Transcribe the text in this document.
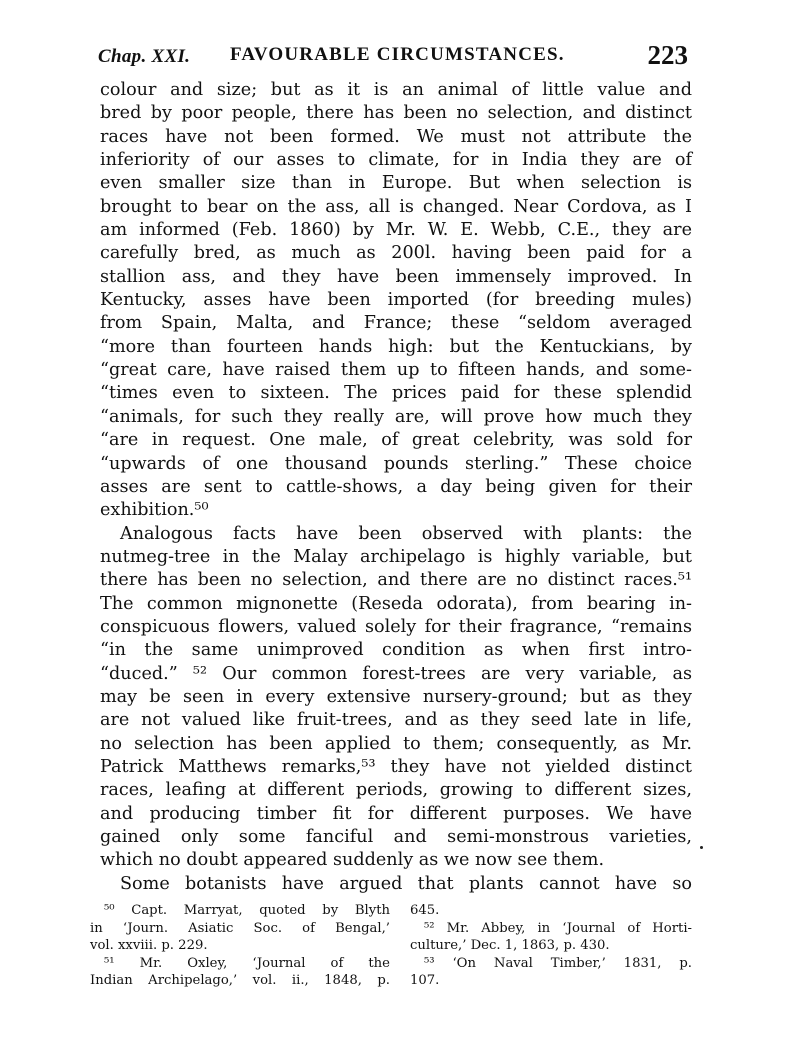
Chap. XXI. FAVOURABLE CIRCUMSTANCES.	223
colour and size; but as it is an animal of little value and
bred by poor people, there has been no selection, and distinct
races have not been formed. We must not attribute the
inferiority of our asses to climate, for in India they are of
even smaller size than in Europe. But when selection is
brought to bear on the ass, all is changed. Near Cordova, as I
am informed (Feb. 1860) by Mr. W. E. Webb, C.E., they are
carefully bred, as much as 200l. having been paid for a
stallion ass, and they have been immensely improved. In
Kentucky, asses have been imported (for breeding mules)
from Spain, Malta, and France; these “seldom averaged
“more than fourteen hands high: but the Kentuckians, by
“great care, have raised them up to fifteen hands, and some-
“times even to sixteen. The prices paid for these splendid
“animals, for such they really are, will prove how much they
“are in request. One male, of great celebrity, was sold for
“upwards of one thousand pounds sterling.” These choice
asses are sent to cattle-shows, a day being given for their
exhibition.⁵⁰
Analogous facts have been observed with plants: the
nutmeg-tree in the Malay archipelago is highly variable, but
there has been no selection, and there are no distinct races.⁵¹
The common mignonette (Reseda odorata), from bearing in-
conspicuous flowers, valued solely for their fragrance, “remains
“in the same unimproved condition as when first intro-
“duced.” ⁵² Our common forest-trees are very variable, as
may be seen in every extensive nursery-ground; but as they
are not valued like fruit-trees, and as they seed late in life,
no selection has been applied to them; consequently, as Mr.
Patrick Matthews remarks,⁵³ they have not yielded distinct
races, leafing at different periods, growing to different sizes,
and producing timber fit for different purposes. We have
gained only some fanciful and semi-monstrous varieties,
which no doubt appeared suddenly as we now see them.
Some botanists have argued that plants cannot have so
⁵⁰ Capt. Marryat, quoted by Blyth
in ‘Journ. Asiatic Soc. of Bengal,’
vol. xxviii. p. 229.
⁵¹ Mr. Oxley, ‘Journal of the
Indian Archipelago,’ vol. ii., 1848, p.
645.
⁵² Mr. Abbey, in ‘Journal of Horti-
culture,’ Dec. 1, 1863, p. 430.
⁵³ ‘On Naval Timber,’ 1831, p.
107.
